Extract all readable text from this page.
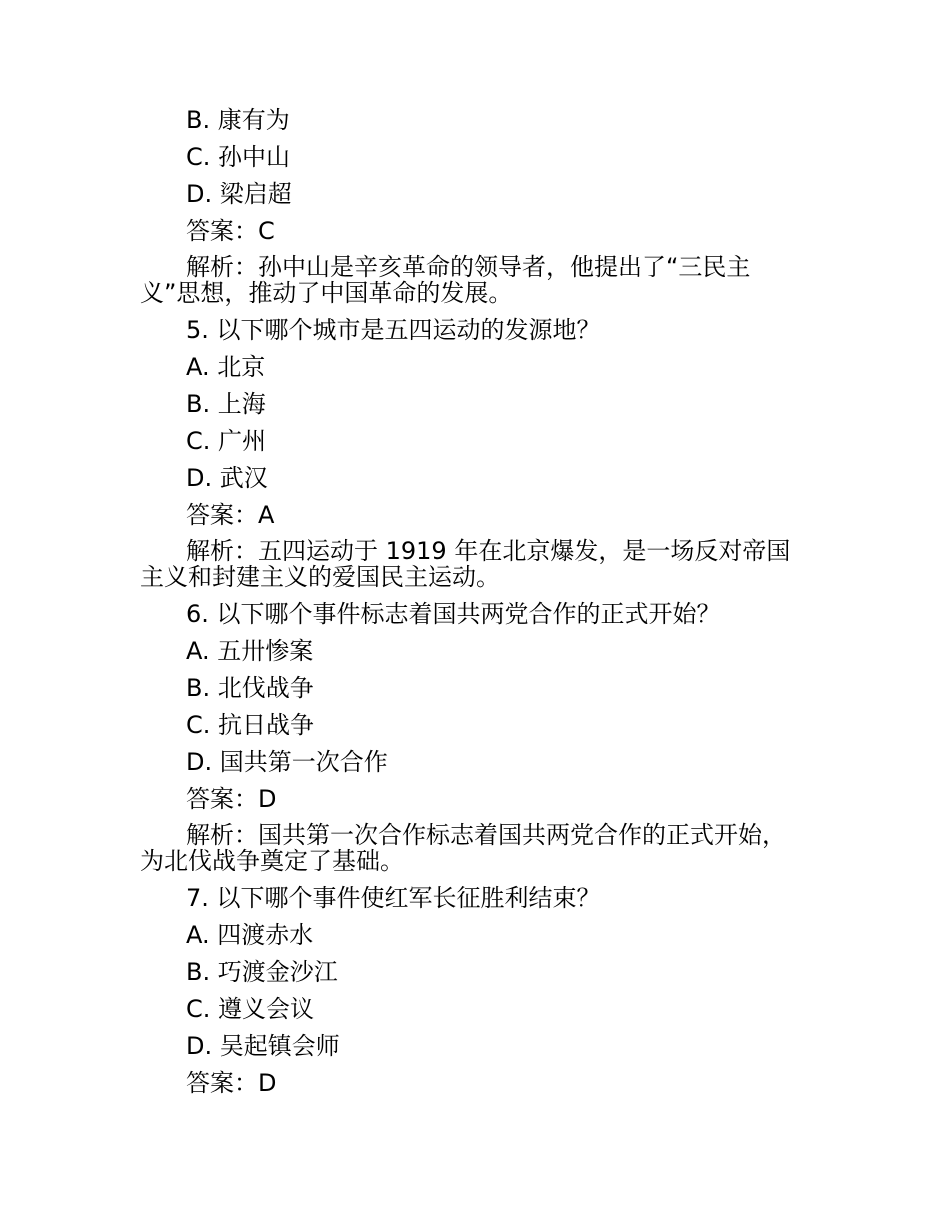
B. 康有为
C. 孙中山
D. 梁启超
答案：C
解析：孙中山是辛亥革命的领导者，他提出了“三民主
义”思想，推动了中国革命的发展。
5. 以下哪个城市是五四运动的发源地？
A. 北京
B. 上海
C. 广州
D. 武汉
答案：A
解析：五四运动于 1919 年在北京爆发，是一场反对帝国
主义和封建主义的爱国民主运动。
6. 以下哪个事件标志着国共两党合作的正式开始？
A. 五卅惨案
B. 北伐战争
C. 抗日战争
D. 国共第一次合作
答案：D
解析：国共第一次合作标志着国共两党合作的正式开始，
为北伐战争奠定了基础。
7. 以下哪个事件使红军长征胜利结束？
A. 四渡赤水
B. 巧渡金沙江
C. 遵义会议
D. 吴起镇会师
答案：D
